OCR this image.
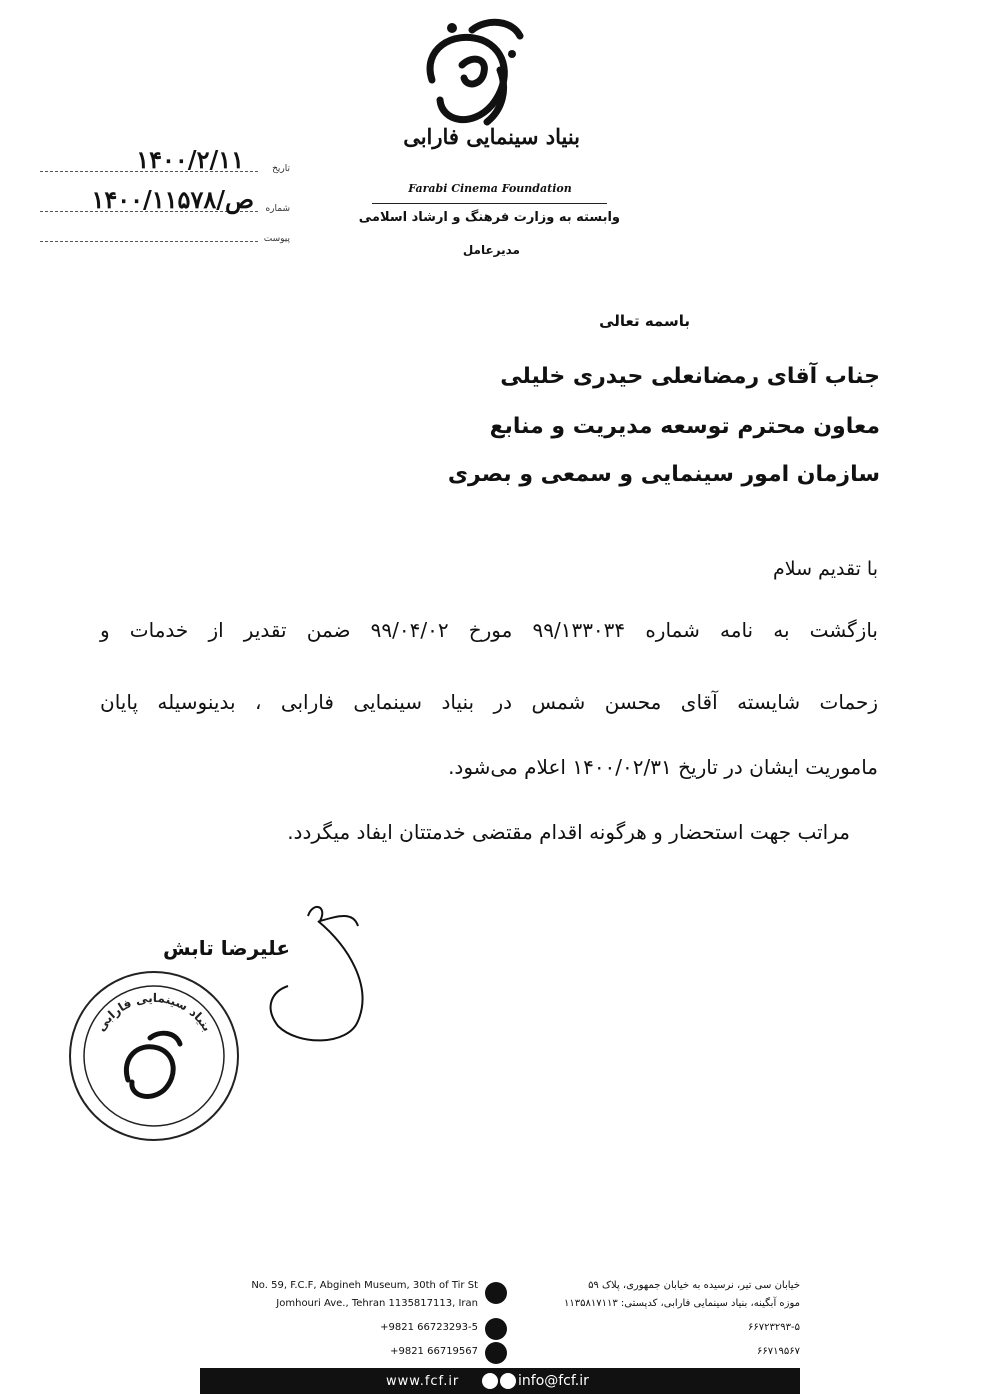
بنیاد سینمایی فارابی
Farabi Cinema Foundation
وابسته به وزارت فرهنگ و ارشاد اسلامی
مدیرعامل
تاریخ
۱۴۰۰/۲/۱۱
شماره
۱۴۰۰/ص/۱۱۵۷۸
پیوست
باسمه تعالی
جناب آقای رمضانعلی حیدری خلیلی
معاون محترم توسعه مدیریت و منابع
سازمان امور سینمایی و سمعی و بصری
با تقدیم سلام
بازگشت به نامه شماره ۹۹/۱۳۳۰۳۴ مورخ ۹۹/۰۴/۰۲ ضمن تقدیر از خدمات و
زحمات شایسته آقای محسن شمس در بنیاد سینمایی فارابی ، بدینوسیله پایان
ماموریت ایشان در تاریخ ۱۴۰۰/۰۲/۳۱ اعلام می‌شود.
مراتب جهت استحضار و هرگونه اقدام مقتضی خدمتتان ایفاد میگردد.
علیرضا تابش
بنیاد سینمایی فارابی
No. 59, F.C.F, Abgineh Museum, 30th of Tir St
Jomhouri Ave., Tehran 1135817113, Iran
+9821 66723293-5
+9821 66719567
خیابان سی تیر، نرسیده به خیابان جمهوری، پلاک ۵۹
موزه آبگینه، بنیاد سینمایی فارابی، کدپستی: ۱۱۳۵۸۱۷۱۱۳
۶۶۷۲۳۲۹۳-۵
۶۶۷۱۹۵۶۷
www.fcf.ir	info@fcf.ir
